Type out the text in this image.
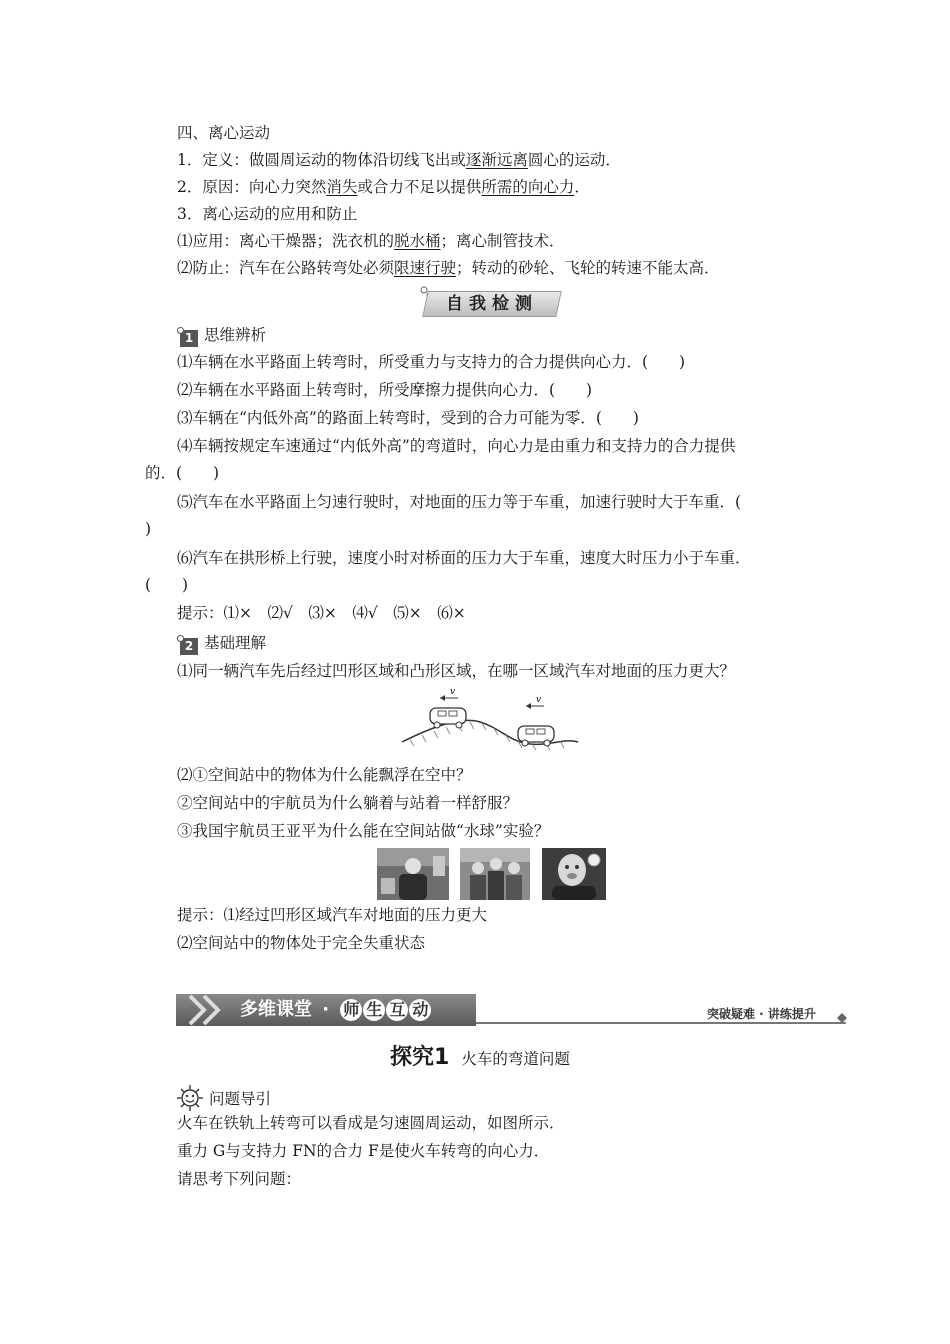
四、离心运动
1．定义：做圆周运动的物体沿切线飞出或逐渐远离圆心的运动．
2．原因：向心力突然消失或合力不足以提供所需的向心力．
3．离心运动的应用和防止
⑴应用：离心干燥器；洗衣机的脱水桶；离心制管技术．
⑵防止：汽车在公路转弯处必须限速行驶；转动的砂轮、飞轮的转速不能太高．
自我检测
1 思维辨析
⑴车辆在水平路面上转弯时，所受重力与支持力的合力提供向心力．(　　)
⑵车辆在水平路面上转弯时，所受摩擦力提供向心力．(　　)
⑶车辆在“内低外高”的路面上转弯时，受到的合力可能为零．(　　)
⑷车辆按规定车速通过“内低外高”的弯道时，向心力是由重力和支持力的合力提供
的．(　　)
⑸汽车在水平路面上匀速行驶时，对地面的压力等于车重，加速行驶时大于车重．(
)
⑹汽车在拱形桥上行驶，速度小时对桥面的压力大于车重，速度大时压力小于车重．
(　　)
提示：⑴×　⑵√　⑶×　⑷√　⑸×　⑹×
2 基础理解
⑴同一辆汽车先后经过凹形区域和凸形区域，在哪一区域汽车对地面的压力更大？
v
v
⑵①空间站中的物体为什么能飘浮在空中？
②空间站中的宇航员为什么躺着与站着一样舒服？
③我国宇航员王亚平为什么能在空间站做“水球”实验？
提示：⑴经过凹形区域汽车对地面的压力更大
⑵空间站中的物体处于完全失重状态
多维课堂 · 师 生 互 动	突破疑难 · 讲练提升
探究1 火车的弯道问题
问题导引
火车在铁轨上转弯可以看成是匀速圆周运动，如图所示．
重力 G与支持力 FN的合力 F是使火车转弯的向心力．
请思考下列问题：
